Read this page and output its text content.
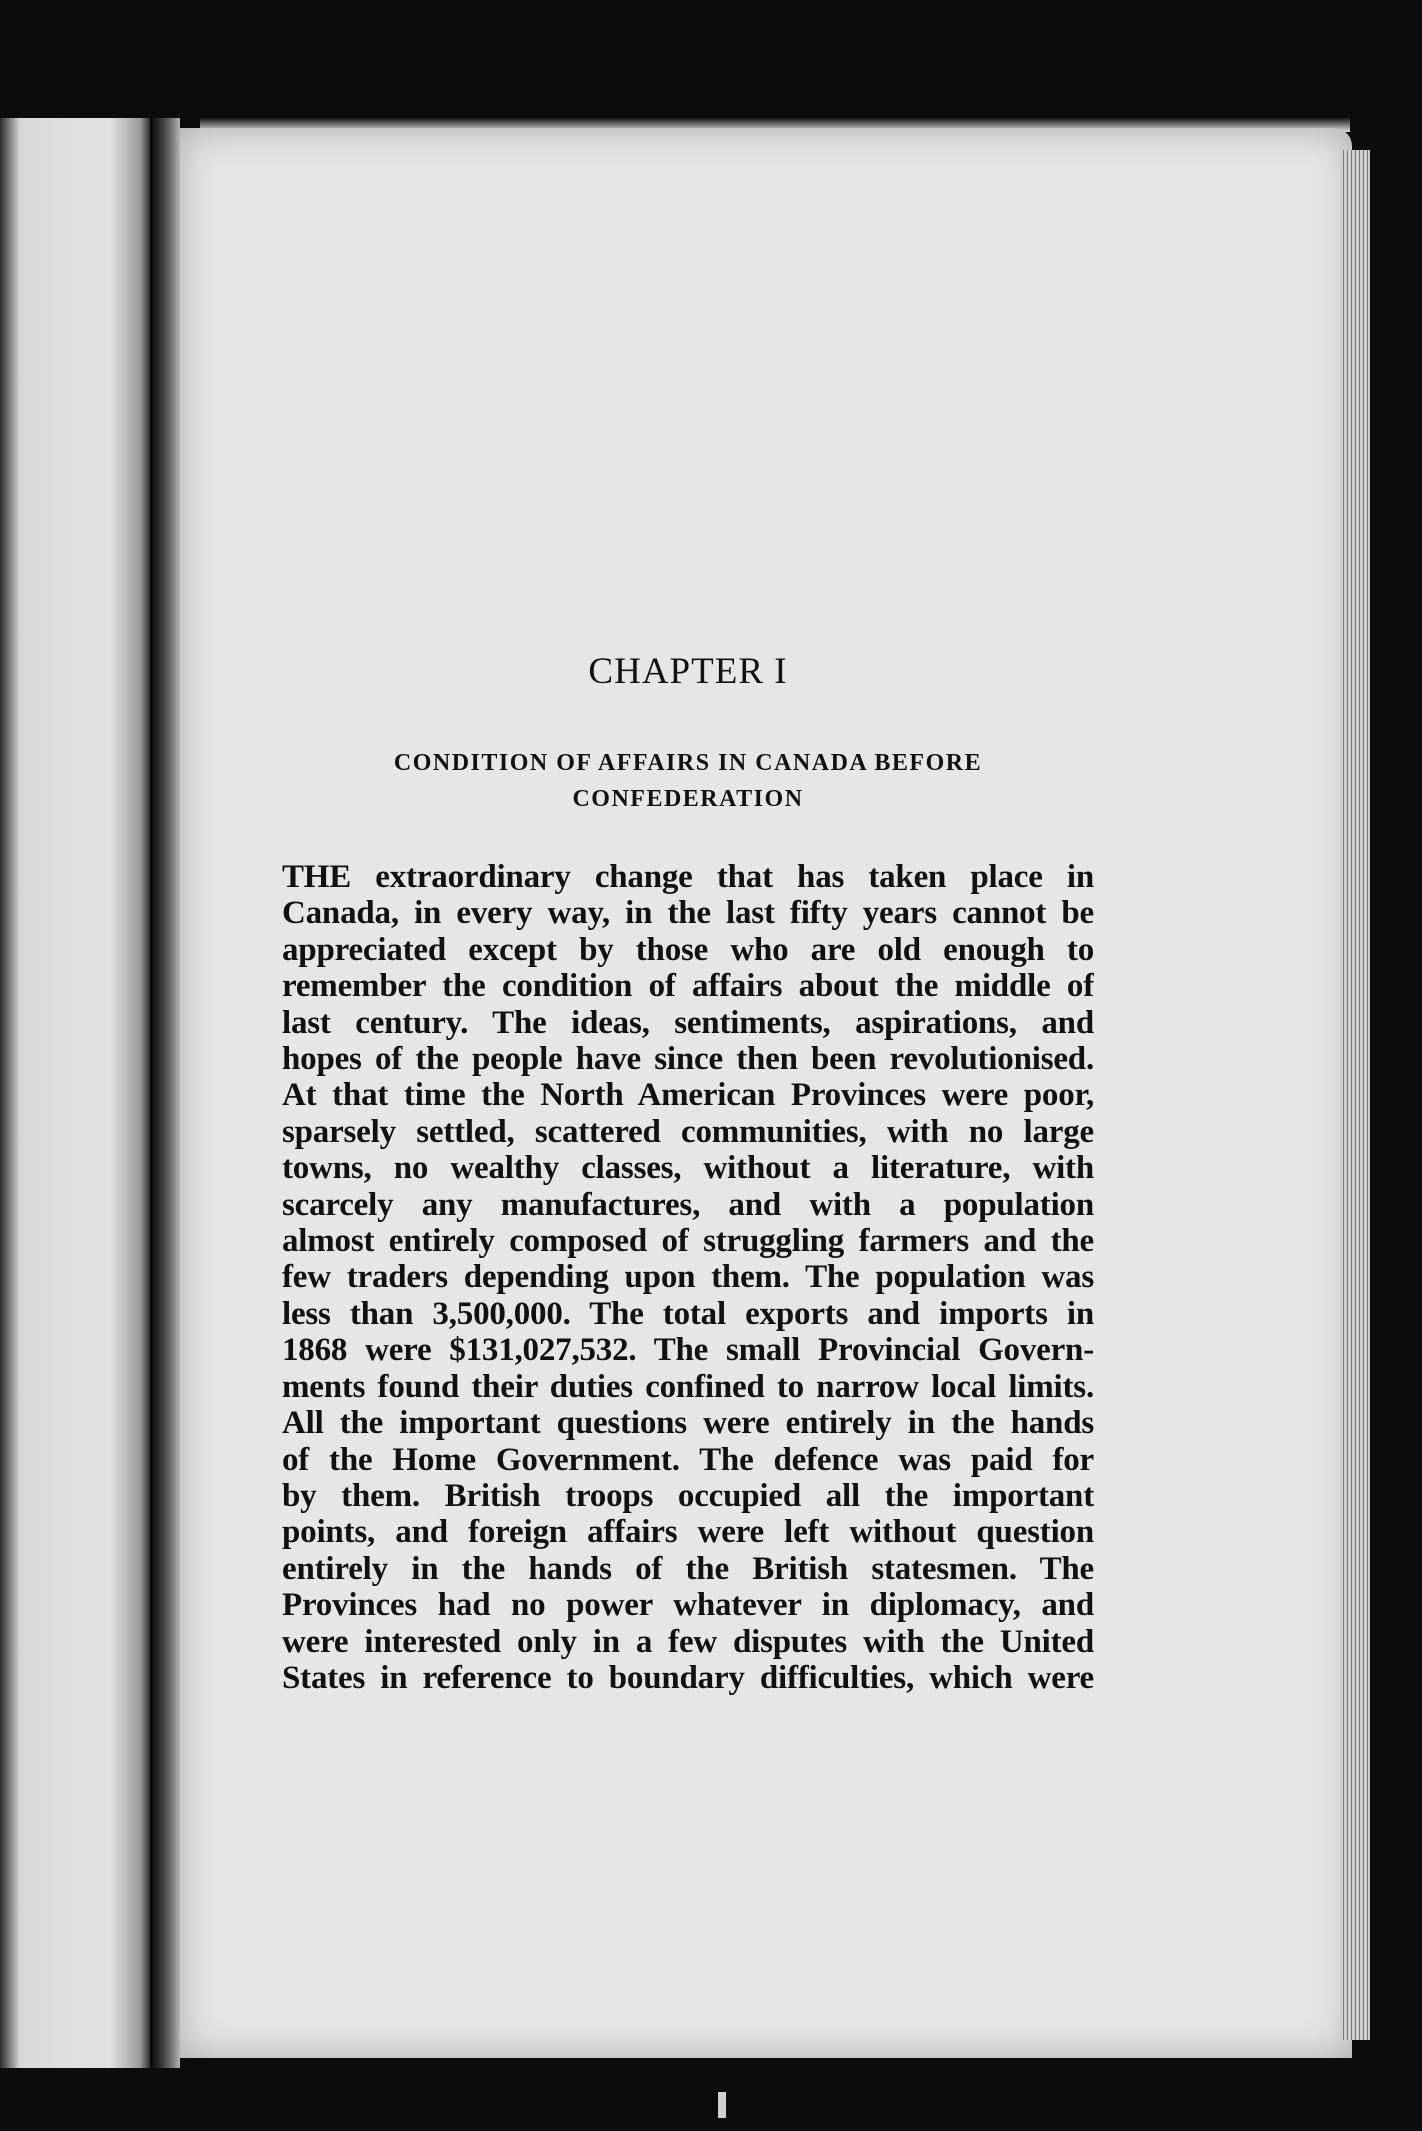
CHAPTER I
CONDITION OF AFFAIRS IN CANADA BEFORE
CONFEDERATION
THE extraordinary change that has taken place in
Canada, in every way, in the last fifty years cannot be
appreciated except by those who are old enough to
remember the condition of affairs about the middle of
last century. The ideas, sentiments, aspirations, and
hopes of the people have since then been revolutionised.
At that time the North American Provinces were poor,
sparsely settled, scattered communities, with no large
towns, no wealthy classes, without a literature, with
scarcely any manufactures, and with a population
almost entirely composed of struggling farmers and the
few traders depending upon them. The population was
less than 3,500,000. The total exports and imports in
1868 were $131,027,532. The small Provincial Govern-
ments found their duties confined to narrow local limits.
All the important questions were entirely in the hands
of the Home Government. The defence was paid for
by them. British troops occupied all the important
points, and foreign affairs were left without question
entirely in the hands of the British statesmen. The
Provinces had no power whatever in diplomacy, and
were interested only in a few disputes with the United
States in reference to boundary difficulties, which were
